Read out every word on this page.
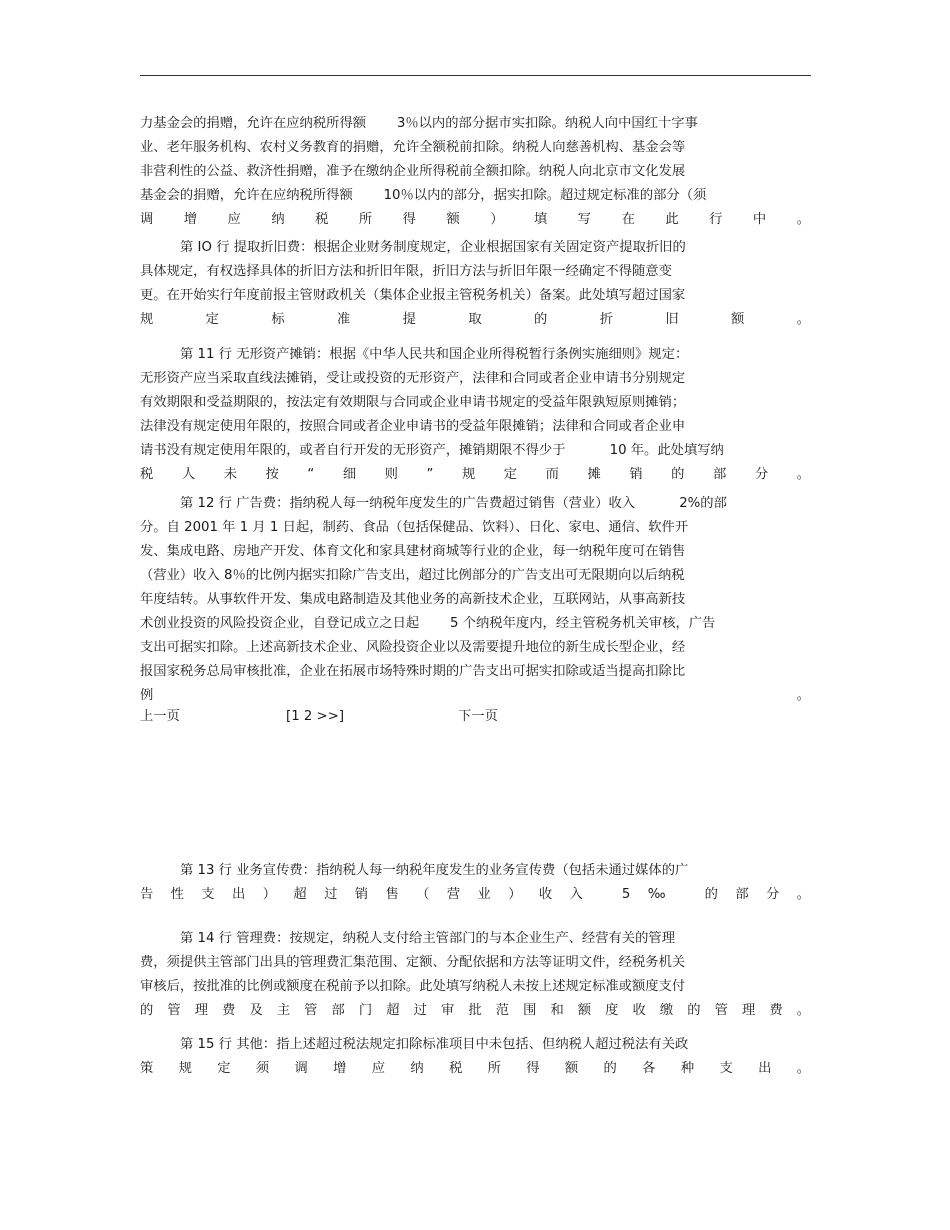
力基金会的捐赠，允许在应纳税所得额　　 3％以内的部分据市实扣除。纳税人向中国红十字事
业、老年服务机构、农村义务教育的捐赠，允许全额税前扣除。纳税人向慈善机构、基金会等
非营利性的公益、救济性捐赠，准予在缴纳企业所得税前全额扣除。纳税人向北京市文化发展
基金会的捐赠，允许在应纳税所得额　　 10％以内的部分，据实扣除。超过规定标准的部分（须
调增应纳税所得额）填写在此行中。
第 IO 行 提取折旧费：根据企业财务制度规定，企业根据国家有关固定资产提取折旧的
具体规定，有权选择具体的折旧方法和折旧年限，折旧方法与折旧年限一经确定不得随意变
更。在开始实行年度前报主管财政机关（集体企业报主管税务机关）备案。此处填写超过国家
规定标准提取的折旧额。
第 11 行 无形资产摊销：根据《中华人民共和国企业所得税暂行条例实施细则》规定：
无形资产应当采取直线法摊销，受让或投资的无形资产，法律和合同或者企业申请书分别规定
有效期限和受益期限的，按法定有效期限与合同或企业申请书规定的受益年限孰短原则摊销；
法律没有规定使用年限的，按照合同或者企业申请书的受益年限摊销；法律和合同或者企业申
请书没有规定使用年限的，或者自行开发的无形资产，摊销期限不得少于　　　 10 年。此处填写纳
税人未按“细则”规定而摊销的部分。
第 12 行 广告费：指纳税人每一纳税年度发生的广告费超过销售（营业）收入　　　 2%的部
分。自 2001 年 1 月 1 日起，制药、食品（包括保健品、饮料）、日化、家电、通信、软件开
发、集成电路、房地产开发、体育文化和家具建材商城等行业的企业，每一纳税年度可在销售
（营业）收入 8％的比例内据实扣除广告支出，超过比例部分的广告支出可无限期向以后纳税
年度结转。从事软件开发、集成电路制造及其他业务的高新技术企业，互联网站，从事高新技
术创业投资的风险投资企业，自登记成立之日起　　 5 个纳税年度内，经主管税务机关审核，广告
支出可据实扣除。上述高新技术企业、风险投资企业以及需要提升地位的新生成长型企业，经
报国家税务总局审核批准，企业在拓展市场特殊时期的广告支出可据实扣除或适当提高扣除比
例。
上一页	[1 2 >>]	下一页
第 13 行 业务宣传费：指纳税人每一纳税年度发生的业务宣传费（包括未通过媒体的广
告性支出）超过销售（营业）收入 5‰ 的部分。
第 14 行 管理费：按规定，纳税人支付给主管部门的与本企业生产、经营有关的管理
费，须提供主管部门出具的管理费汇集范围、定额、分配依据和方法等证明文件，经税务机关
审核后，按批准的比例或额度在税前予以扣除。此处填写纳税人未按上述规定标准或额度支付
的管理费及主管部门超过审批范围和额度收缴的管理费。
第 15 行 其他：指上述超过税法规定扣除标准项目中未包括、但纳税人超过税法有关政
策规定须调增应纳税所得额的各种支出。
